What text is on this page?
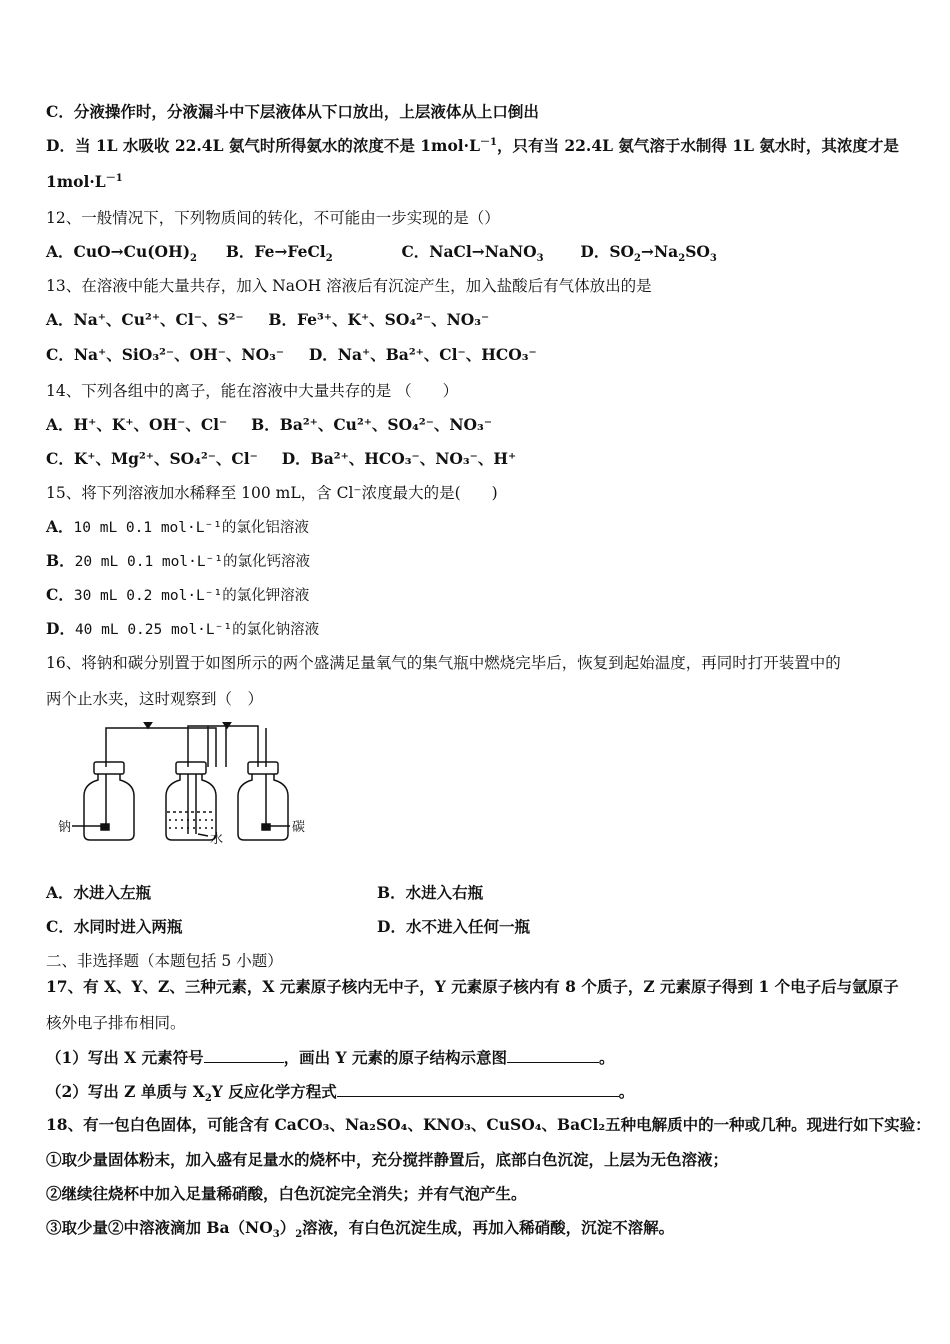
C．分液操作时，分液漏斗中下层液体从下口放出，上层液体从上口倒出
D．当 1L 水吸收 22.4L 氨气时所得氨水的浓度不是 $1mol\cdot L^{-1}$，只有当 22.4L 氨气溶于水制得 1L 氨水时，其浓度才是
$1mol\cdot L^{-1}$
12、一般情况下，下列物质间的转化，不可能由一步实现的是（）
A．$CuO\to Cu(OH)_2$ B．Fe→FeCl$_2$	C．NaCl→NaNO$_3$ D．$SO_2\to Na_2SO_3$
13、在溶液中能大量共存，加入 NaOH 溶液后有沉淀产生，加入盐酸后有气体放出的是
A．Na⁺、Cu²⁺、Cl⁻、S²⁻ B．Fe³⁺、K⁺、SO₄²⁻、NO₃⁻
C．Na⁺、SiO₃²⁻、OH⁻、NO₃⁻ D．Na⁺、Ba²⁺、Cl⁻、HCO₃⁻
14、下列各组中的离子，能在溶液中大量共存的是 （　　）
A．H⁺、K⁺、OH⁻、Cl⁻ B．Ba²⁺、Cu²⁺、SO₄²⁻、NO₃⁻
C．K⁺、Mg²⁺、SO₄²⁻、Cl⁻ D．Ba²⁺、HCO₃⁻、NO₃⁻、H⁺
15、将下列溶液加水稀释至 100 mL，含 Cl⁻浓度最大的是(　　)
A．10 mL 0.1 mol·L⁻¹的氯化铝溶液
B．20 mL 0.1 mol·L⁻¹的氯化钙溶液
C．30 mL 0.2 mol·L⁻¹的氯化钾溶液
D．40 mL 0.25 mol·L⁻¹的氯化钠溶液
16、将钠和碳分别置于如图所示的两个盛满足量氧气的集气瓶中燃烧完毕后，恢复到起始温度，再同时打开装置中的
两个止水夹，这时观察到（　）
钠
水
碳
A．水进入左瓶	B．水进入右瓶
C．水同时进入两瓶	D．水不进入任何一瓶
二、非选择题（本题包括 5 小题）
17、有 X、Y、Z、三种元素，X 元素原子核内无中子，Y 元素原子核内有 8 个质子，Z 元素原子得到 1 个电子后与氩原子
核外电子排布相同。
（1）写出 X 元素符号	，画出 Y 元素的原子结构示意图	。
（2）写出 Z 单质与 $X_2Y$ 反应化学方程式	。
18、有一包白色固体，可能含有 CaCO₃、Na₂SO₄、KNO₃、CuSO₄、BaCl₂五种电解质中的一种或几种。现进行如下实验：
①取少量固体粉末，加入盛有足量水的烧杯中，充分搅拌静置后，底部白色沉淀，上层为无色溶液；
②继续往烧杯中加入足量稀硝酸，白色沉淀完全消失；并有气泡产生。
③取少量②中溶液滴加 $Ba(NO_3)_2$溶液，有白色沉淀生成，再加入稀硝酸，沉淀不溶解。
